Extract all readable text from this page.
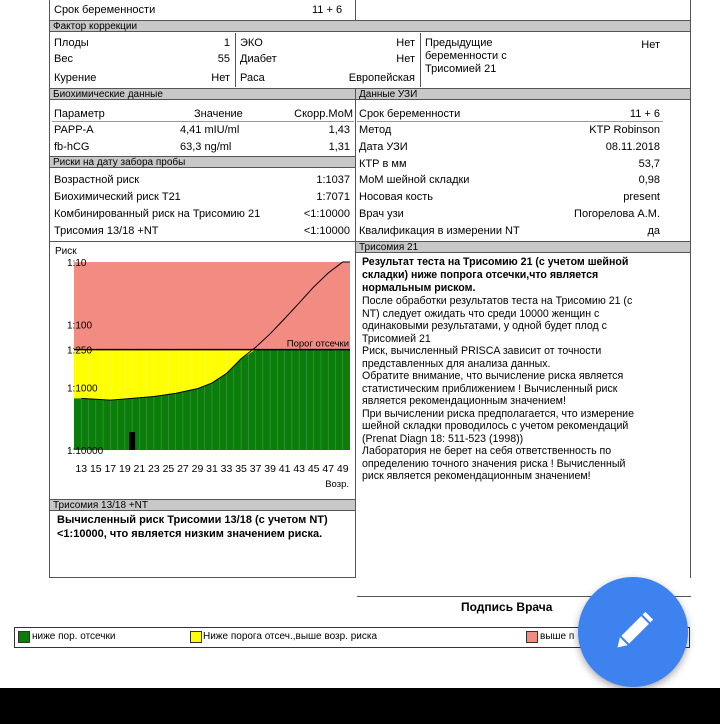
Срок беременности	11 + 6
Фактор коррекции
Плоды	1
Вес	55
Курение	Нет
ЭКО	Нет
Диабет	Нет
Раса	Европейская
Предыдущие
беременности с
Трисомией 21
Нет
Биохимические данные
Параметр	Значение	Скорр.МоМ
PAPP-A	4,41 mIU/ml	1,43
fb-hCG	63,3 ng/ml	1,31
Риски на дату забора пробы
Возрастной риск	1:1037
Биохимический риск Т21	1:7071
Комбинированный риск на Трисомию 21	<1:10000
Трисомия 13/18 +NT	<1:10000
Данные УЗИ
Срок беременности	11 + 6
Метод	KTP Robinson
Дата УЗИ	08.11.2018
КТР в мм	53,7
МоМ шейной складки	0,98
Носовая кость	present
Врач узи	Погорелова А.М.
Квалификация в измерении NT	да
Риск
Порог отсечки
1:10
1:100
1:250
1:1000
1:10000
13 15 17 19 21 23 25 27 29 31 33 35 37 39 41 43 45 47 49
Возр.
Трисомия 21
Результат теста на Трисомию 21 (с учетом шейной
складки) ниже попрога отсечки,что является
нормальным риском.
После обработки результатов теста на Трисомию 21 (с
NT) следует ожидать что среди 10000 женщин с
одинаковыми результатами, у одной будет плод с
Трисомией 21
Риск, вычисленный PRISCA зависит от точности
представленных для анализа данных.
Обратите внимание, что вычисление риска является
статистическим приближением ! Вычисленный риск
является рекомендационным значением!
При вычислении риска предполагается, что измерение
шейной складки проводилось с учетом рекомендаций
(Prenat Diagn 18: 511-523 (1998))
Лаборатория не берет на себя ответственность по
определению точного значения риска ! Вычисленный
риск является рекомендационным значением!
Трисомия 13/18 +NT
Вычисленный риск Трисомии 13/18 (с учетом NT)
<1:10000, что является низким значением риска.
Подпись Врача
ниже пор. отсечки	Ниже порога отсеч.,выше возр. риска	выше п
